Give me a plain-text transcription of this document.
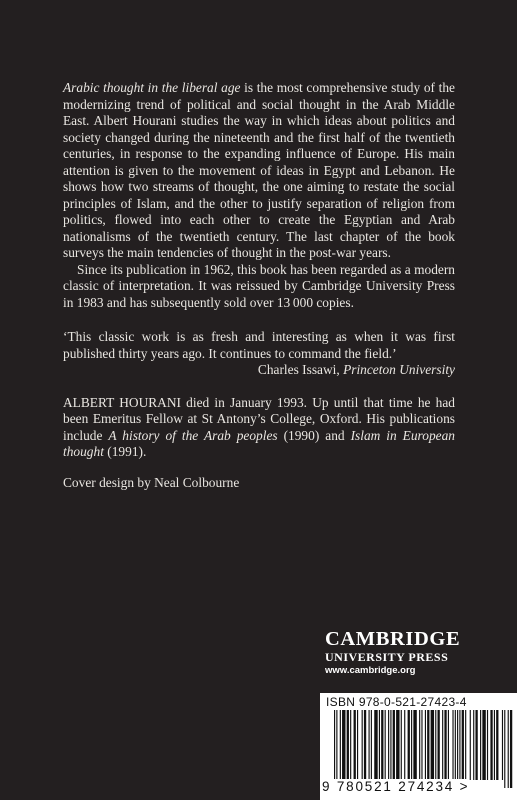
Arabic thought in the liberal age is the most comprehensive study of the modernizing trend of political and social thought in the Arab Middle East. Albert Hourani studies the way in which ideas about politics and society changed during the nineteenth and the first half of the twentieth centuries, in response to the expanding influence of Europe. His main attention is given to the movement of ideas in Egypt and Lebanon. He shows how two streams of thought, the one aiming to restate the social principles of Islam, and the other to justify separation of religion from politics, flowed into each other to create the Egyptian and Arab nationalisms of the twentieth century. The last chapter of the book surveys the main tendencies of thought in the post-war years.

Since its publication in 1962, this book has been regarded as a modern classic of interpretation. It was reissued by Cambridge University Press in 1983 and has subsequently sold over 13 000 copies.

‘This classic work is as fresh and interesting as when it was first published thirty years ago. It continues to command the field.’

Charles Issawi, Princeton University

ALBERT HOURANI died in January 1993. Up until that time he had been Emeritus Fellow at St Antony’s College, Oxford. His publications include A history of the Arab peoples (1990) and Islam in European thought (1991).

Cover design by Neal Colbourne

CAMBRIDGE
UNIVERSITY PRESS
www.cambridge.org
ISBN 978-0-521-27423-4
9 780521 274234 >
